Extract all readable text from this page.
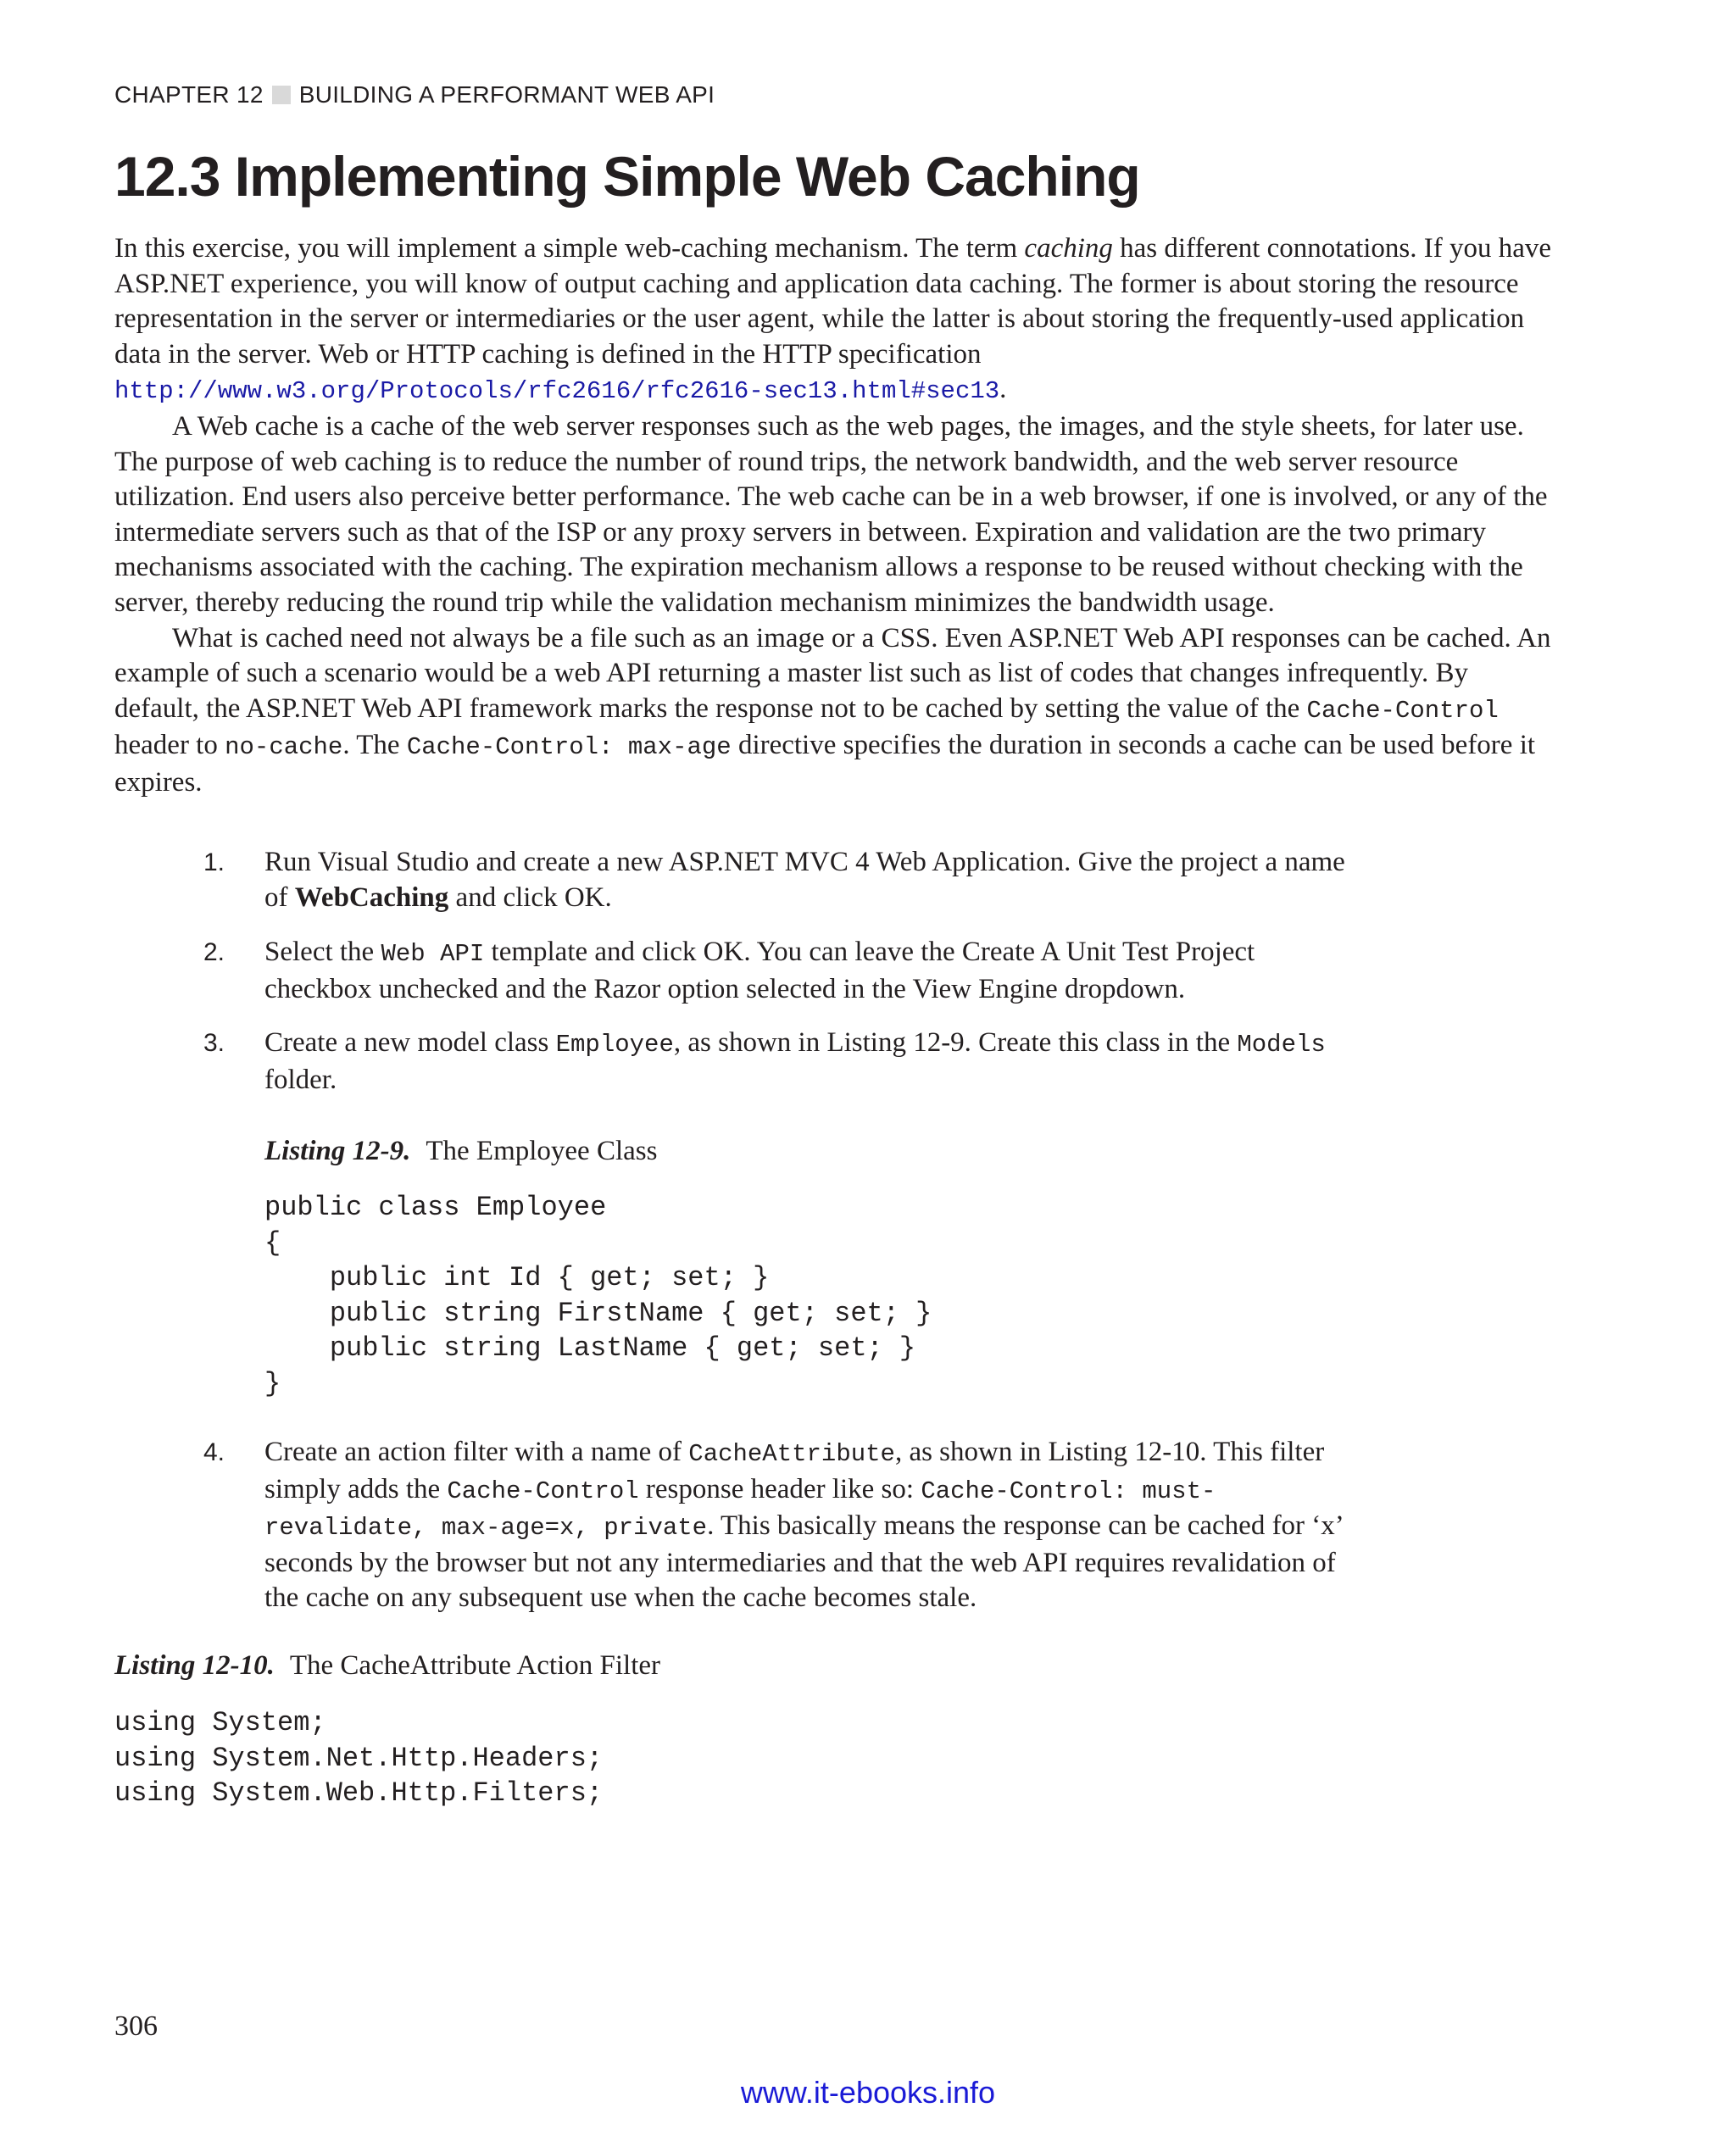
CHAPTER 12 BUILDING A PERFORMANT WEB API
12.3 Implementing Simple Web Caching

In this exercise, you will implement a simple web-caching mechanism. The term caching has different connotations. If you have ASP.NET experience, you will know of output caching and application data caching. The former is about storing the resource representation in the server or intermediaries or the user agent, while the latter is about storing the frequently-used application data in the server. Web or HTTP caching is defined in the HTTP specification http://www.w3.org/Protocols/rfc2616/rfc2616-sec13.html#sec13.

A Web cache is a cache of the web server responses such as the web pages, the images, and the style sheets, for later use. The purpose of web caching is to reduce the number of round trips, the network bandwidth, and the web server resource utilization. End users also perceive better performance. The web cache can be in a web browser, if one is involved, or any of the intermediate servers such as that of the ISP or any proxy servers in between. Expiration and validation are the two primary mechanisms associated with the caching. The expiration mechanism allows a response to be reused without checking with the server, thereby reducing the round trip while the validation mechanism minimizes the bandwidth usage.

What is cached need not always be a file such as an image or a CSS. Even ASP.NET Web API responses can be cached. An example of such a scenario would be a web API returning a master list such as list of codes that changes infrequently. By default, the ASP.NET Web API framework marks the response not to be cached by setting the value of the Cache-Control header to no-cache. The Cache-Control: max-age directive specifies the duration in seconds a cache can be used before it expires.

1. Run Visual Studio and create a new ASP.NET MVC 4 Web Application. Give the project a name of WebCaching and click OK.
2. Select the Web API template and click OK. You can leave the Create A Unit Test Project checkbox unchecked and the Razor option selected in the View Engine dropdown.
3. Create a new model class Employee, as shown in Listing 12-9. Create this class in the Models folder.
4. Create an action filter with a name of CacheAttribute, as shown in Listing 12-10. This filter simply adds the Cache-Control response header like so: Cache-Control: must-revalidate, max-age=x, private. This basically means the response can be cached for ‘x’ seconds by the browser but not any intermediaries and that the web API requires revalidation of the cache on any subsequent use when the cache becomes stale.
Listing 12-9. The Employee Class
public class Employee
{
public int Id { get; set; }
public string FirstName { get; set; }
public string LastName { get; set; }
}
Listing 12-10. The CacheAttribute Action Filter
using System;
using System.Net.Http.Headers;
using System.Web.Http.Filters;
306
www.it-ebooks.info
